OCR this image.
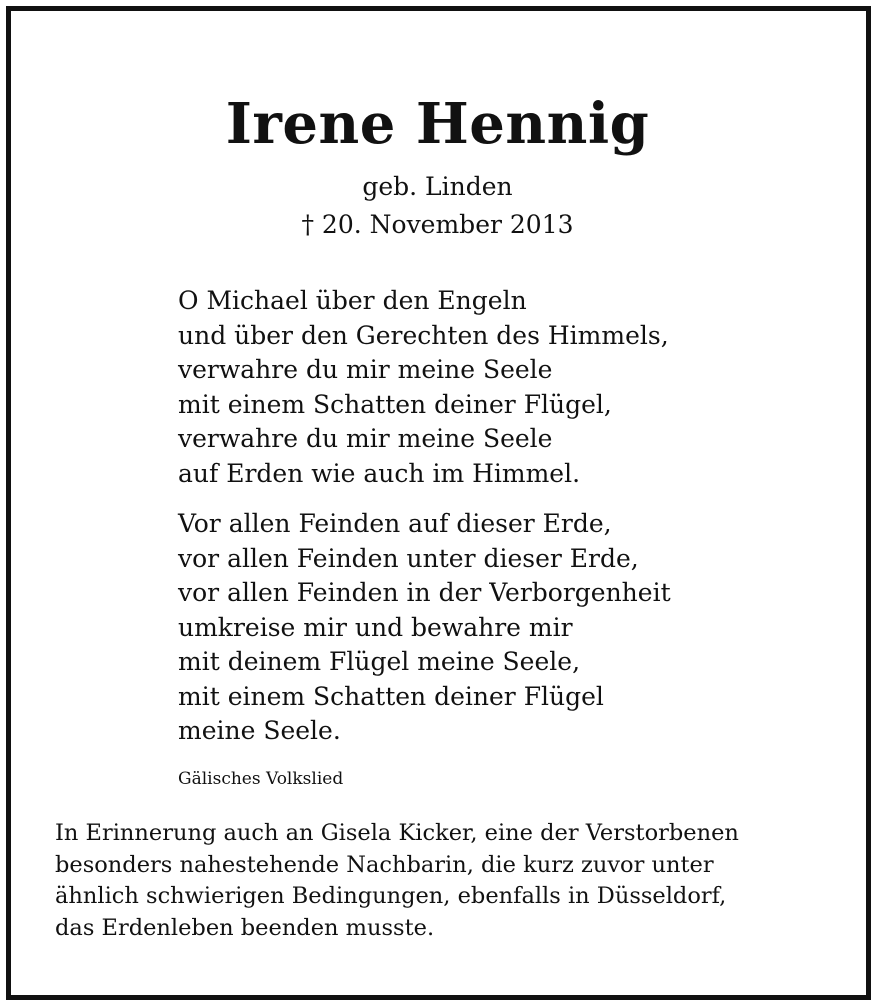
Irene Hennig
geb. Linden
† 20. November 2013
O Michael über den Engeln
und über den Gerechten des Himmels,
verwahre du mir meine Seele
mit einem Schatten deiner Flügel,
verwahre du mir meine Seele
auf Erden wie auch im Himmel.
Vor allen Feinden auf dieser Erde,
vor allen Feinden unter dieser Erde,
vor allen Feinden in der Verborgenheit
umkreise mir und bewahre mir
mit deinem Flügel meine Seele,
mit einem Schatten deiner Flügel
meine Seele.
Gälisches Volkslied
In Erinnerung auch an Gisela Kicker, eine der Verstorbenen
besonders nahestehende Nachbarin, die kurz zuvor unter
ähnlich schwierigen Bedingungen, ebenfalls in Düsseldorf,
das Erdenleben beenden musste.
